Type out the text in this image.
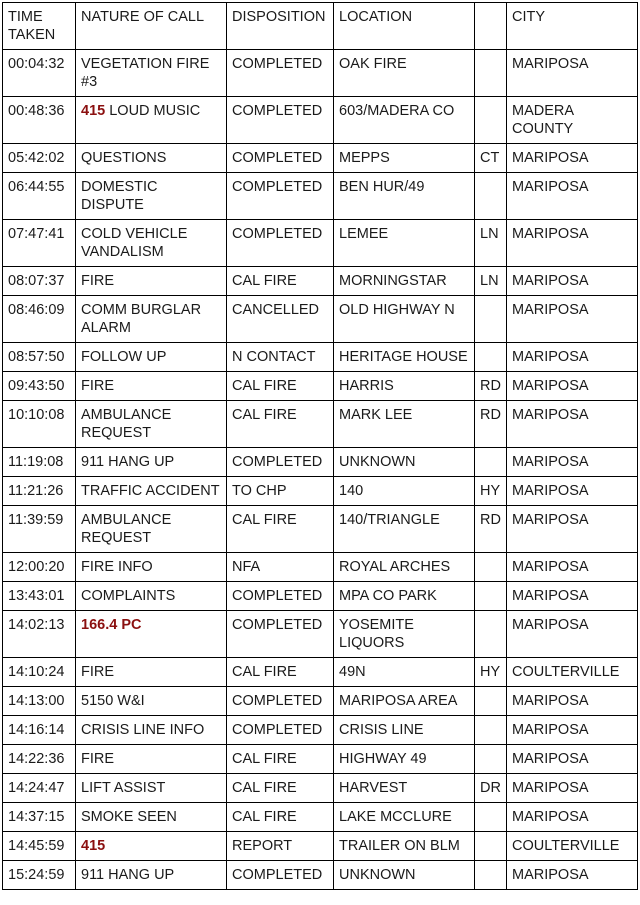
TIME TAKEN	NATURE OF CALL	DISPOSITION	LOCATION		CITY
00:04:32	VEGETATION FIRE #3	COMPLETED	OAK FIRE		MARIPOSA
00:48:36	415 LOUD MUSIC	COMPLETED	603/MADERA CO		MADERA COUNTY
05:42:02	QUESTIONS	COMPLETED	MEPPS	CT	MARIPOSA
06:44:55	DOMESTIC DISPUTE	COMPLETED	BEN HUR/49		MARIPOSA
07:47:41	COLD VEHICLE VANDALISM	COMPLETED	LEMEE	LN	MARIPOSA
08:07:37	FIRE	CAL FIRE	MORNINGSTAR	LN	MARIPOSA
08:46:09	COMM BURGLAR ALARM	CANCELLED	OLD HIGHWAY N		MARIPOSA
08:57:50	FOLLOW UP	N CONTACT	HERITAGE HOUSE		MARIPOSA
09:43:50	FIRE	CAL FIRE	HARRIS	RD	MARIPOSA
10:10:08	AMBULANCE REQUEST	CAL FIRE	MARK LEE	RD	MARIPOSA
11:19:08	911 HANG UP	COMPLETED	UNKNOWN		MARIPOSA
11:21:26	TRAFFIC ACCIDENT	TO CHP	140	HY	MARIPOSA
11:39:59	AMBULANCE REQUEST	CAL FIRE	140/TRIANGLE	RD	MARIPOSA
12:00:20	FIRE INFO	NFA	ROYAL ARCHES		MARIPOSA
13:43:01	COMPLAINTS	COMPLETED	MPA CO PARK		MARIPOSA
14:02:13	166.4 PC	COMPLETED	YOSEMITE LIQUORS		MARIPOSA
14:10:24	FIRE	CAL FIRE	49N	HY	COULTERVILLE
14:13:00	5150 W&I	COMPLETED	MARIPOSA AREA		MARIPOSA
14:16:14	CRISIS LINE INFO	COMPLETED	CRISIS LINE		MARIPOSA
14:22:36	FIRE	CAL FIRE	HIGHWAY 49		MARIPOSA
14:24:47	LIFT ASSIST	CAL FIRE	HARVEST	DR	MARIPOSA
14:37:15	SMOKE SEEN	CAL FIRE	LAKE MCCLURE		MARIPOSA
14:45:59	415	REPORT	TRAILER ON BLM		COULTERVILLE
15:24:59	911 HANG UP	COMPLETED	UNKNOWN		MARIPOSA
